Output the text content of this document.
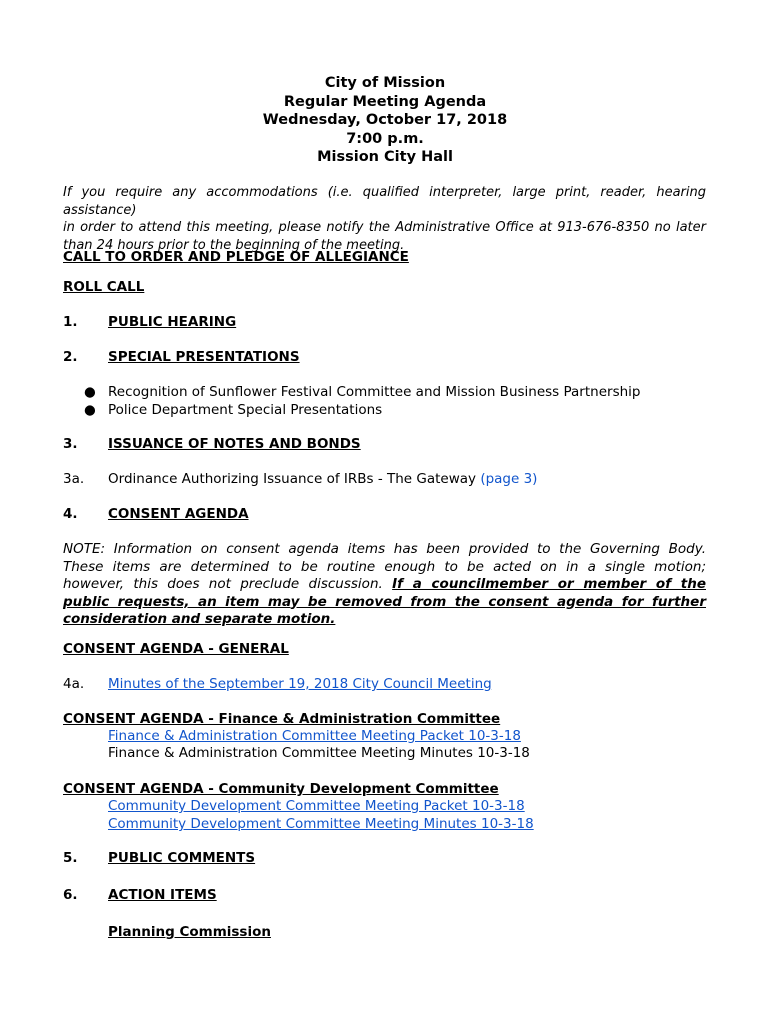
City of Mission
Regular Meeting Agenda
Wednesday, October 17, 2018
7:00 p.m.
Mission City Hall
If you require any accommodations (i.e. qualified interpreter, large print, reader, hearing assistance)
in order to attend this meeting, please notify the Administrative Office at 913-676-8350 no later
than 24 hours prior to the beginning of the meeting.
CALL TO ORDER AND PLEDGE OF ALLEGIANCE
ROLL CALL
1. PUBLIC HEARING
2. SPECIAL PRESENTATIONS
● Recognition of Sunflower Festival Committee and Mission Business Partnership
● Police Department Special Presentations
3. ISSUANCE OF NOTES AND BONDS
3a. Ordinance Authorizing Issuance of IRBs - The Gateway (page 3)
4. CONSENT AGENDA
NOTE: Information on consent agenda items has been provided to the Governing Body.
These items are determined to be routine enough to be acted on in a single motion;
however, this does not preclude discussion. If a councilmember or member of the
public requests, an item may be removed from the consent agenda for further
consideration and separate motion.
CONSENT AGENDA - GENERAL
4a. Minutes of the September 19, 2018 City Council Meeting
CONSENT AGENDA - Finance & Administration Committee
Finance & Administration Committee Meeting Packet 10-3-18
Finance & Administration Committee Meeting Minutes 10-3-18
CONSENT AGENDA - Community Development Committee
Community Development Committee Meeting Packet 10-3-18
Community Development Committee Meeting Minutes 10-3-18
5. PUBLIC COMMENTS
6. ACTION ITEMS
Planning Commission
